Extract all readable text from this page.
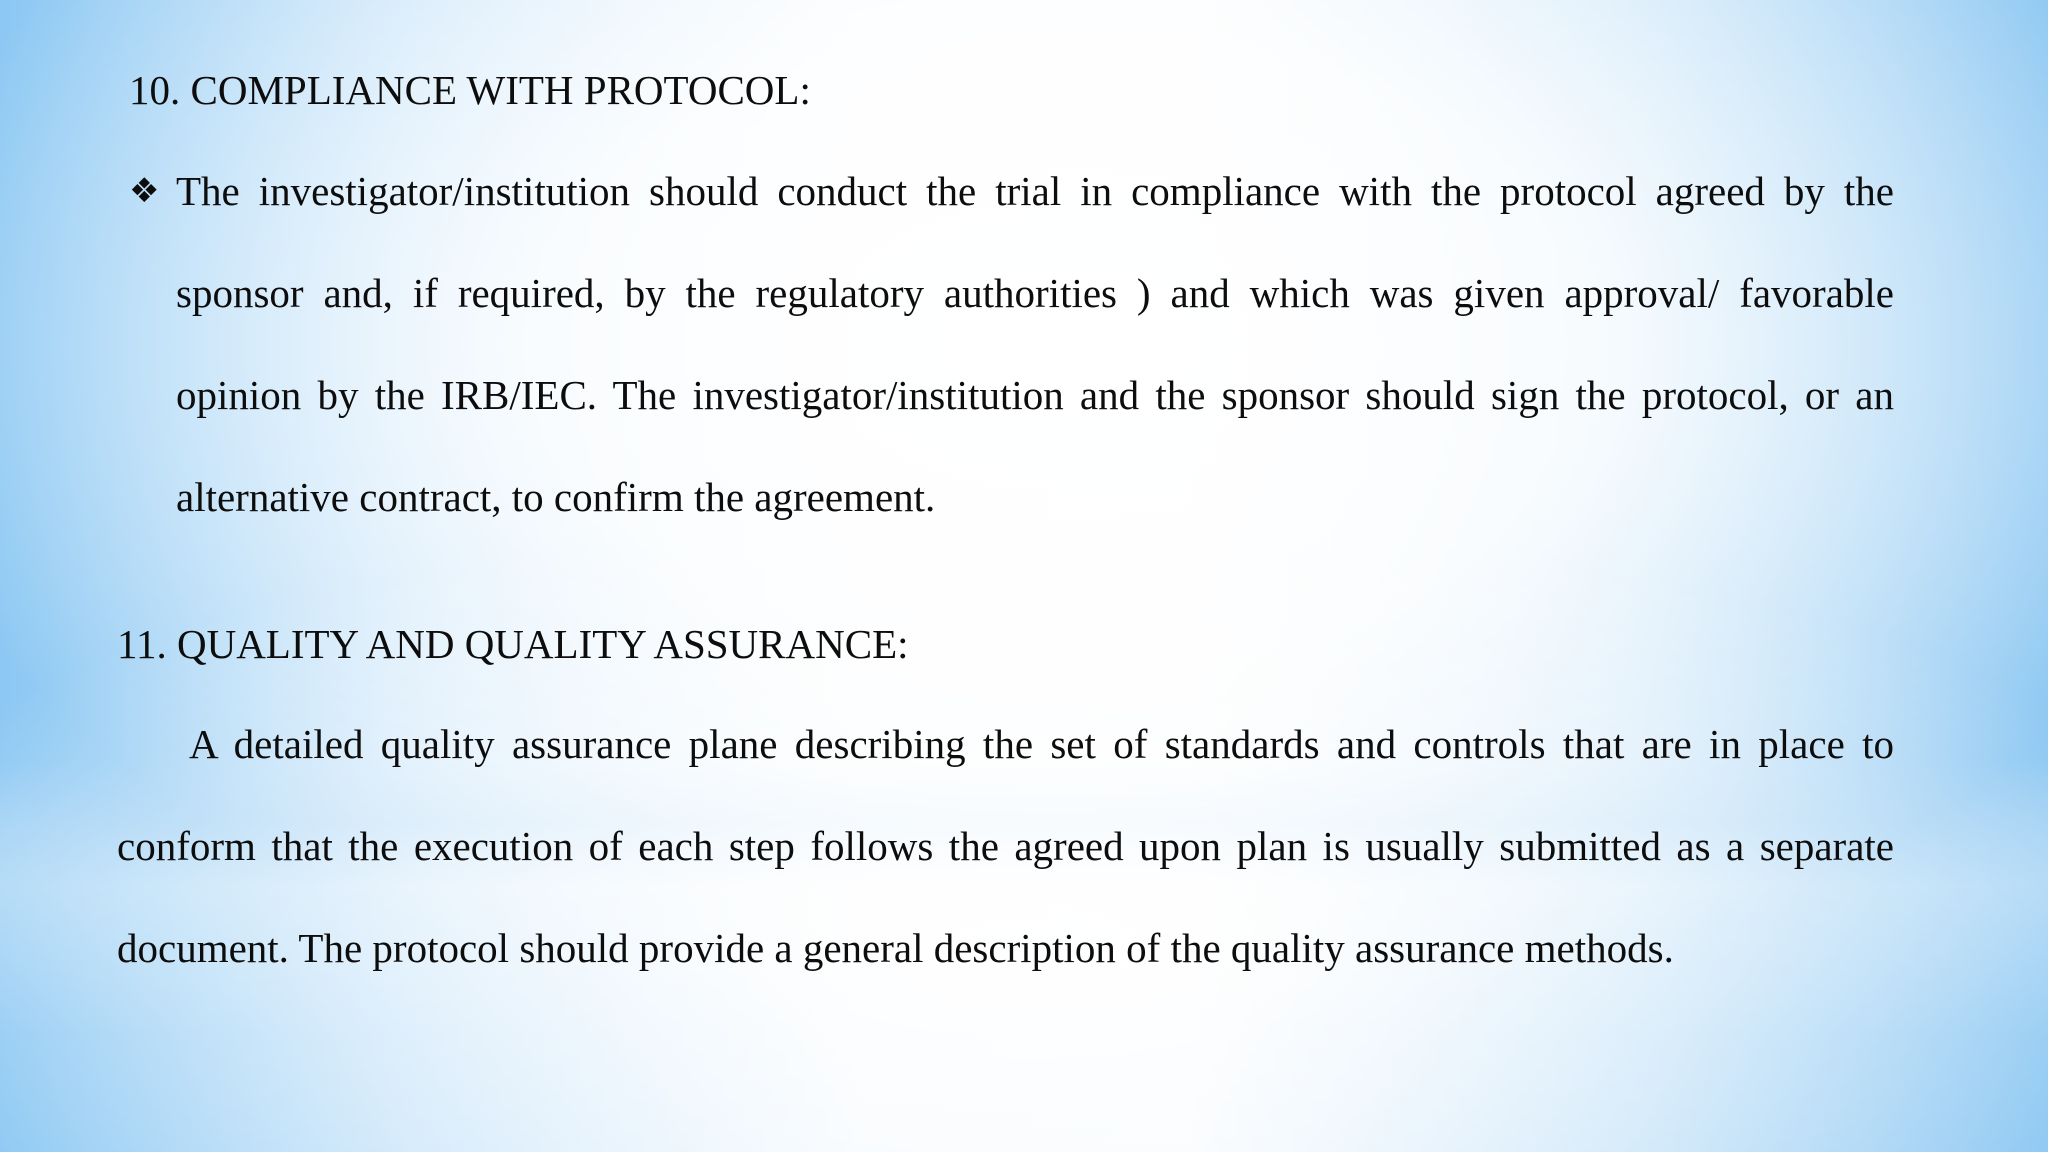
10. COMPLIANCE WITH PROTOCOL:
❖ The investigator/institution should conduct the trial in compliance with the protocol agreed by the sponsor and, if required, by the regulatory authorities ) and which was given approval/ favorable opinion by the IRB/IEC. The investigator/institution and the sponsor should sign the protocol, or an alternative contract, to confirm the agreement.

11. QUALITY AND QUALITY ASSURANCE:

A detailed quality assurance plane describing the set of standards and controls that are in place to conform that the execution of each step follows the agreed upon plan is usually submitted as a separate document. The protocol should provide a general description of the quality assurance methods.
